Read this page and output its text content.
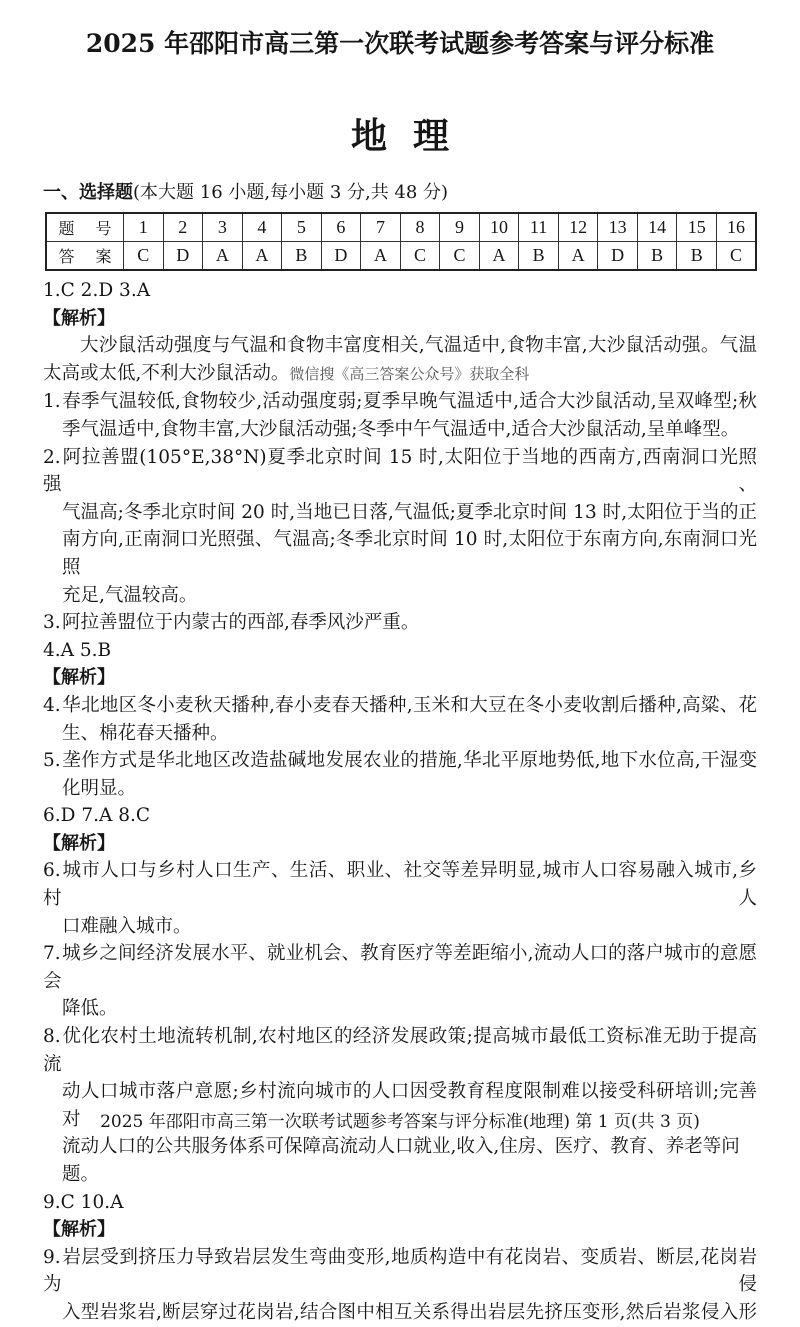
2025 年邵阳市高三第一次联考试题参考答案与评分标准
地理
一、选择题(本大题 16 小题,每小题 3 分,共 48 分)
题 号	1	2	3	4	5	6	7	8	9	10	11	12	13	14	15	16
答 案	C	D	A	A	B	D	A	C	C	A	B	A	D	B	B	C
1.C 2.D 3.A
【解析】
大沙鼠活动强度与气温和食物丰富度相关,气温适中,食物丰富,大沙鼠活动强。气温
太高或太低,不利大沙鼠活动。微信搜《高三答案公众号》获取全科
1.春季气温较低,食物较少,活动强度弱;夏季早晚气温适中,适合大沙鼠活动,呈双峰型;秋
季气温适中,食物丰富,大沙鼠活动强;冬季中午气温适中,适合大沙鼠活动,呈单峰型。
2.阿拉善盟(105°E,38°N)夏季北京时间 15 时,太阳位于当地的西南方,西南洞口光照强、
气温高;冬季北京时间 20 时,当地已日落,气温低;夏季北京时间 13 时,太阳位于当的正
南方向,正南洞口光照强、气温高;冬季北京时间 10 时,太阳位于东南方向,东南洞口光照
充足,气温较高。
3.阿拉善盟位于内蒙古的西部,春季风沙严重。
4.A 5.B
【解析】
4.华北地区冬小麦秋天播种,春小麦春天播种,玉米和大豆在冬小麦收割后播种,高粱、花
生、棉花春天播种。
5.垄作方式是华北地区改造盐碱地发展农业的措施,华北平原地势低,地下水位高,干湿变
化明显。
6.D 7.A 8.C
【解析】
6.城市人口与乡村人口生产、生活、职业、社交等差异明显,城市人口容易融入城市,乡村人
口难融入城市。
7.城乡之间经济发展水平、就业机会、教育医疗等差距缩小,流动人口的落户城市的意愿会
降低。
8.优化农村土地流转机制,农村地区的经济发展政策;提高城市最低工资标准无助于提高流
动人口城市落户意愿;乡村流向城市的人口因受教育程度限制难以接受科研培训;完善对
流动人口的公共服务体系可保障高流动人口就业,收入,住房、医疗、教育、养老等问题。
9.C 10.A
【解析】
9.岩层受到挤压力导致岩层发生弯曲变形,地质构造中有花岗岩、变质岩、断层,花岗岩为侵
入型岩浆岩,断层穿过花岗岩,结合图中相互关系得出岩层先挤压变形,然后岩浆侵入形
2025 年邵阳市高三第一次联考试题参考答案与评分标准(地理) 第 1 页(共 3 页)
